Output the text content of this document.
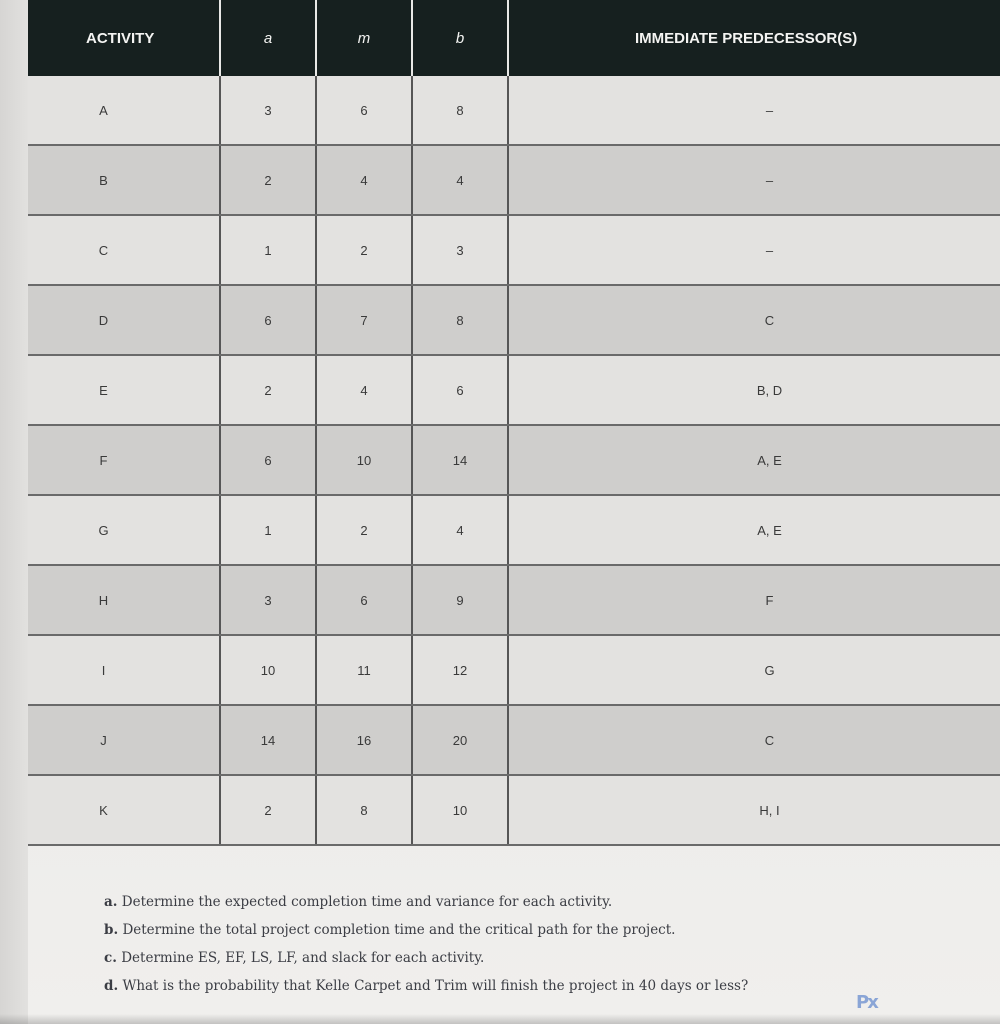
ACTIVITY	a	m	b	IMMEDIATE PREDECESSOR(S)
A	3	6	8	–
B	2	4	4	–
C	1	2	3	–
D	6	7	8	C
E	2	4	6	B, D
F	6	10	14	A, E
G	1	2	4	A, E
H	3	6	9	F
I	10	11	12	G
J	14	16	20	C
K	2	8	10	H, I
a. Determine the expected completion time and variance for each activity.
b. Determine the total project completion time and the critical path for the project.
c. Determine ES, EF, LS, LF, and slack for each activity.
d. What is the probability that Kelle Carpet and Trim will finish the project in 40 days or less?
Px
